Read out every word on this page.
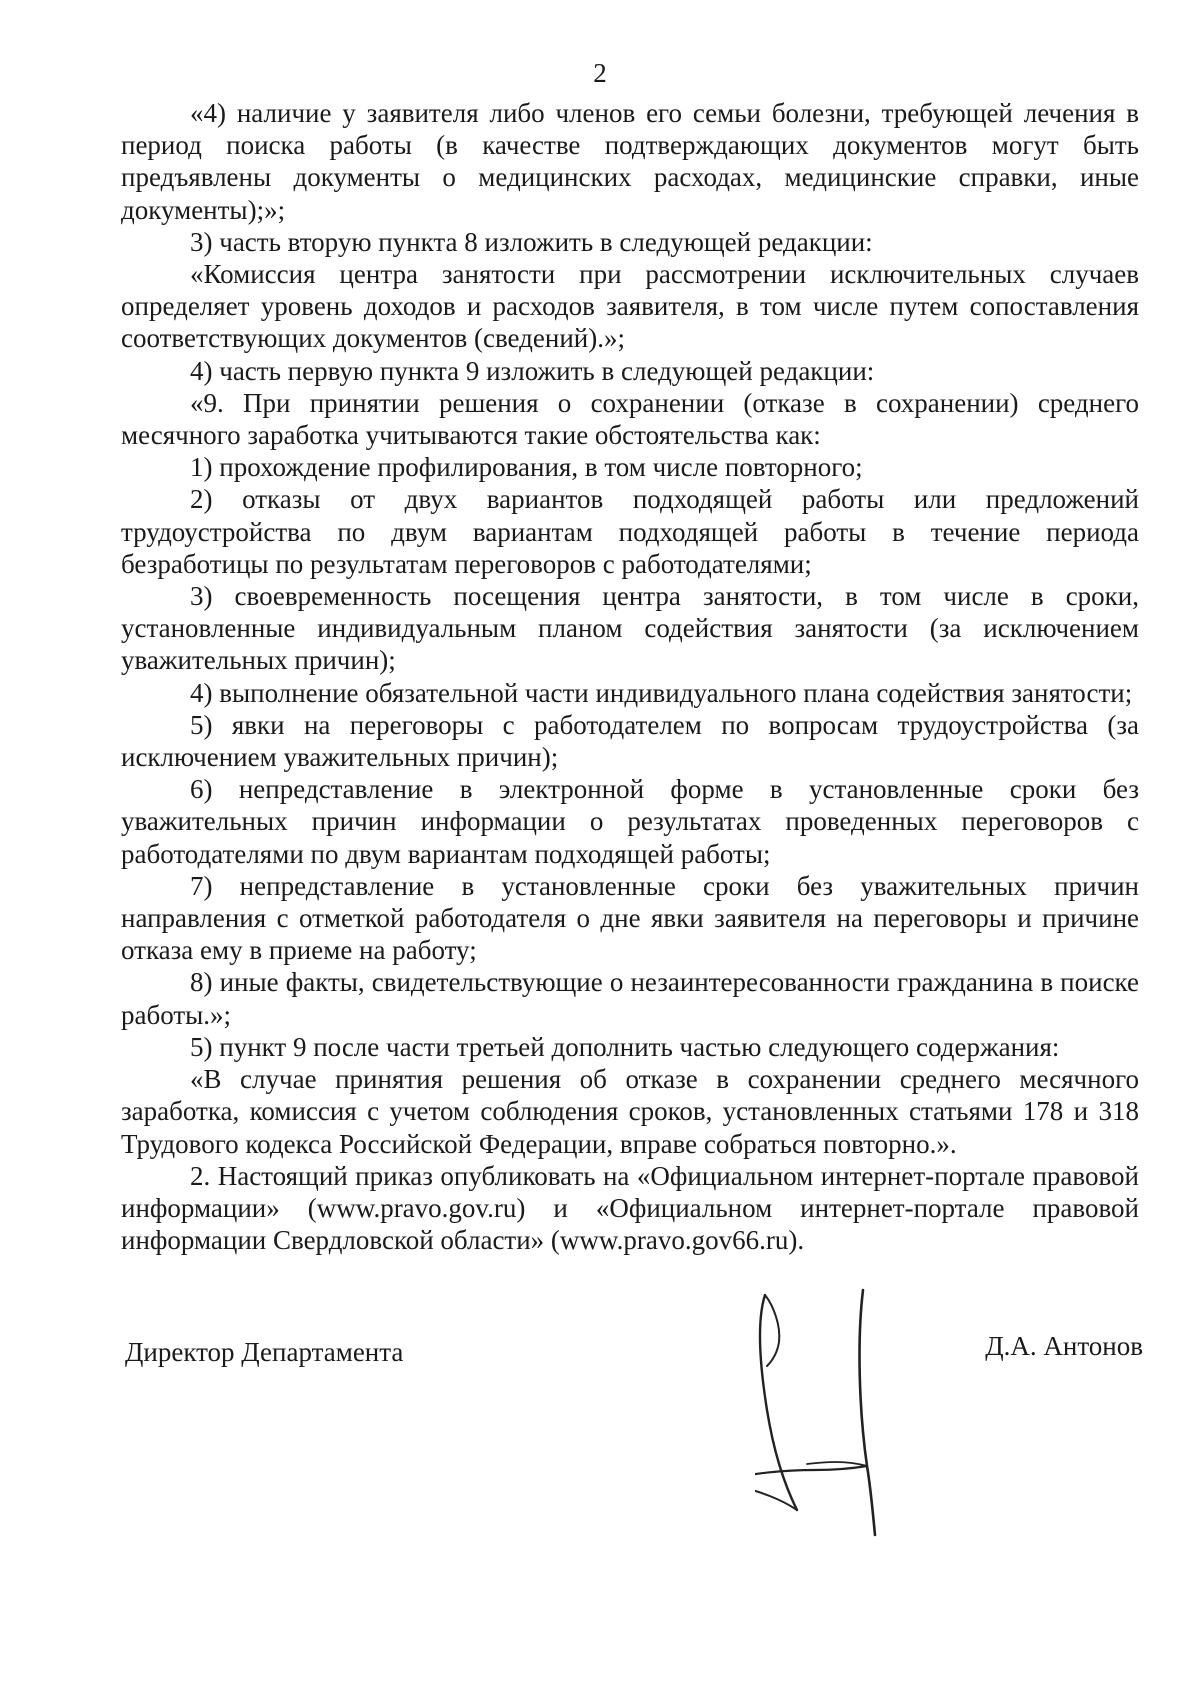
2

«4) наличие у заявителя либо членов его семьи болезни, требующей лечения в период поиска работы (в качестве подтверждающих документов могут быть предъявлены документы о медицинских расходах, медицинские справки, иные документы);»;

3) часть вторую пункта 8 изложить в следующей редакции:

«Комиссия центра занятости при рассмотрении исключительных случаев определяет уровень доходов и расходов заявителя, в том числе путем сопоставления соответствующих документов (сведений).»;

4) часть первую пункта 9 изложить в следующей редакции:

«9. При принятии решения о сохранении (отказе в сохранении) среднего месячного заработка учитываются такие обстоятельства как:

1) прохождение профилирования, в том числе повторного;

2) отказы от двух вариантов подходящей работы или предложений трудоустройства по двум вариантам подходящей работы в течение периода безработицы по результатам переговоров с работодателями;

3) своевременность посещения центра занятости, в том числе в сроки, установленные индивидуальным планом содействия занятости (за исключением уважительных причин);

4) выполнение обязательной части индивидуального плана содействия занятости;

5) явки на переговоры с работодателем по вопросам трудоустройства (за исключением уважительных причин);

6) непредставление в электронной форме в установленные сроки без уважительных причин информации о результатах проведенных переговоров с работодателями по двум вариантам подходящей работы;

7) непредставление в установленные сроки без уважительных причин направления с отметкой работодателя о дне явки заявителя на переговоры и причине отказа ему в приеме на работу;

8) иные факты, свидетельствующие о незаинтересованности гражданина в поиске работы.»;

5) пункт 9 после части третьей дополнить частью следующего содержания:

«В случае принятия решения об отказе в сохранении среднего месячного заработка, комиссия с учетом соблюдения сроков, установленных статьями 178 и 318 Трудового кодекса Российской Федерации, вправе собраться повторно.».

2. Настоящий приказ опубликовать на «Официальном интернет-портале правовой информации» (www.pravo.gov.ru) и «Официальном интернет-портале правовой информации Свердловской области» (www.pravo.gov66.ru).

Директор Департамента	Д.А. Антонов
